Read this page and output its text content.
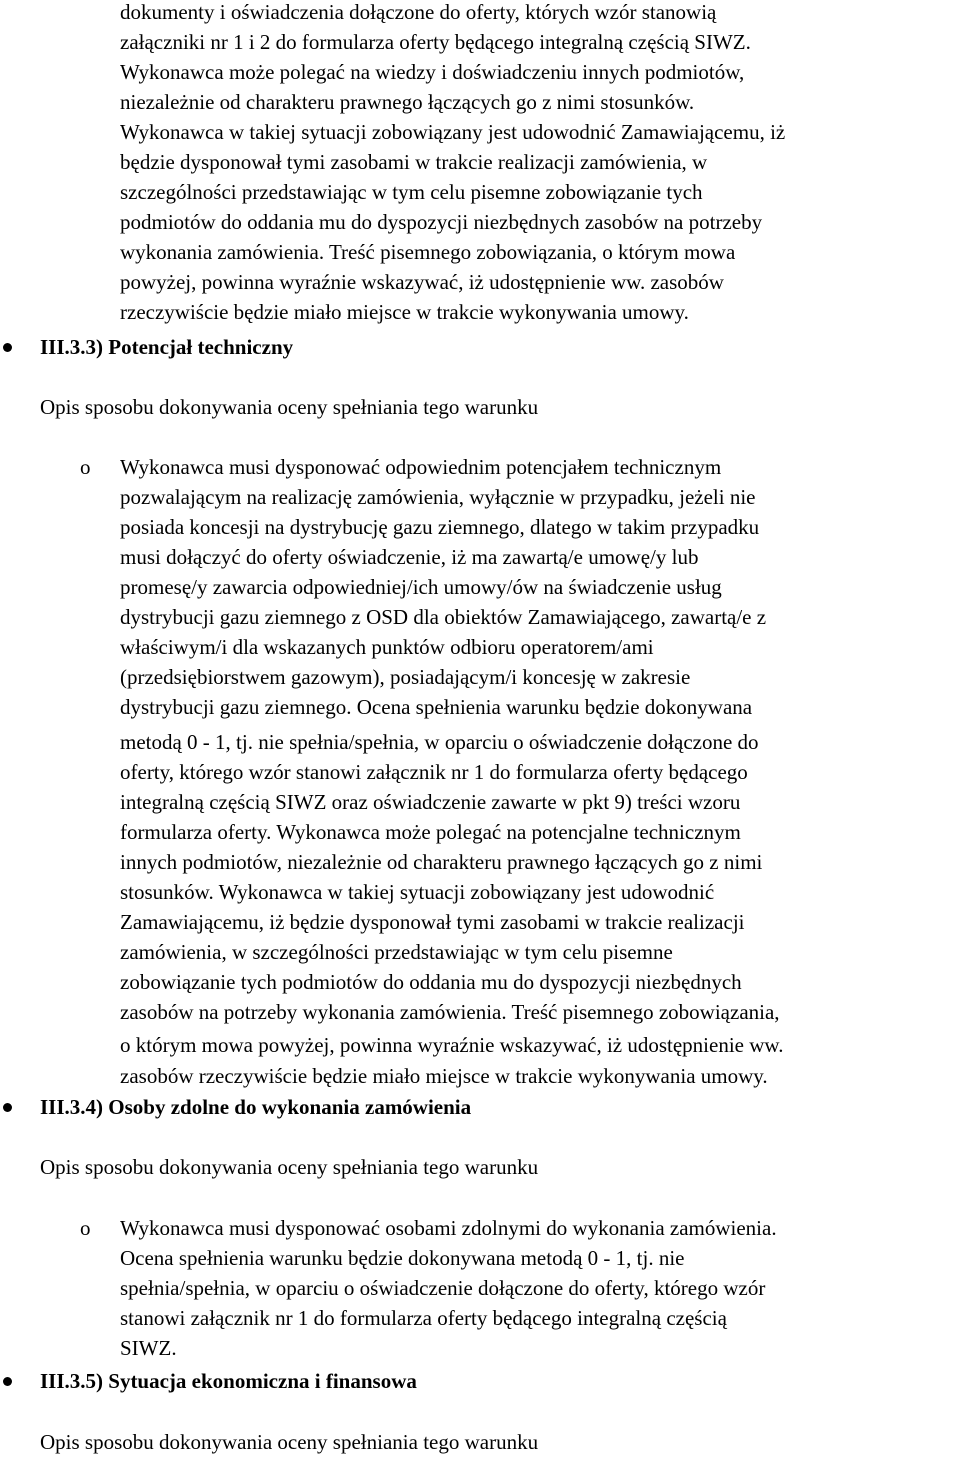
dokumenty i oświadczenia dołączone do oferty, których wzór stanowią
załączniki nr 1 i 2 do formularza oferty będącego integralną częścią SIWZ.
Wykonawca może polegać na wiedzy i doświadczeniu innych podmiotów,
niezależnie od charakteru prawnego łączących go z nimi stosunków.
Wykonawca w takiej sytuacji zobowiązany jest udowodnić Zamawiającemu, iż
będzie dysponował tymi zasobami w trakcie realizacji zamówienia, w
szczególności przedstawiając w tym celu pisemne zobowiązanie tych
podmiotów do oddania mu do dyspozycji niezbędnych zasobów na potrzeby
wykonania zamówienia. Treść pisemnego zobowiązania, o którym mowa
powyżej, powinna wyraźnie wskazywać, iż udostępnienie ww. zasobów
rzeczywiście będzie miało miejsce w trakcie wykonywania umowy.
III.3.3) Potencjał techniczny
Opis sposobu dokonywania oceny spełniania tego warunku
o Wykonawca musi dysponować odpowiednim potencjałem technicznym
pozwalającym na realizację zamówienia, wyłącznie w przypadku, jeżeli nie
posiada koncesji na dystrybucję gazu ziemnego, dlatego w takim przypadku
musi dołączyć do oferty oświadczenie, iż ma zawartą/e umowę/y lub
promesę/y zawarcia odpowiedniej/ich umowy/ów na świadczenie usług
dystrybucji gazu ziemnego z OSD dla obiektów Zamawiającego, zawartą/e z
właściwym/i dla wskazanych punktów odbioru operatorem/ami
(przedsiębiorstwem gazowym), posiadającym/i koncesję w zakresie
dystrybucji gazu ziemnego. Ocena spełnienia warunku będzie dokonywana
metodą 0 - 1, tj. nie spełnia/spełnia, w oparciu o oświadczenie dołączone do
oferty, którego wzór stanowi załącznik nr 1 do formularza oferty będącego
integralną częścią SIWZ oraz oświadczenie zawarte w pkt 9) treści wzoru
formularza oferty. Wykonawca może polegać na potencjalne technicznym
innych podmiotów, niezależnie od charakteru prawnego łączących go z nimi
stosunków. Wykonawca w takiej sytuacji zobowiązany jest udowodnić
Zamawiającemu, iż będzie dysponował tymi zasobami w trakcie realizacji
zamówienia, w szczególności przedstawiając w tym celu pisemne
zobowiązanie tych podmiotów do oddania mu do dyspozycji niezbędnych
zasobów na potrzeby wykonania zamówienia. Treść pisemnego zobowiązania,
o którym mowa powyżej, powinna wyraźnie wskazywać, iż udostępnienie ww.
zasobów rzeczywiście będzie miało miejsce w trakcie wykonywania umowy.
III.3.4) Osoby zdolne do wykonania zamówienia
Opis sposobu dokonywania oceny spełniania tego warunku
o Wykonawca musi dysponować osobami zdolnymi do wykonania zamówienia.
Ocena spełnienia warunku będzie dokonywana metodą 0 - 1, tj. nie
spełnia/spełnia, w oparciu o oświadczenie dołączone do oferty, którego wzór
stanowi załącznik nr 1 do formularza oferty będącego integralną częścią
SIWZ.
III.3.5) Sytuacja ekonomiczna i finansowa
Opis sposobu dokonywania oceny spełniania tego warunku
